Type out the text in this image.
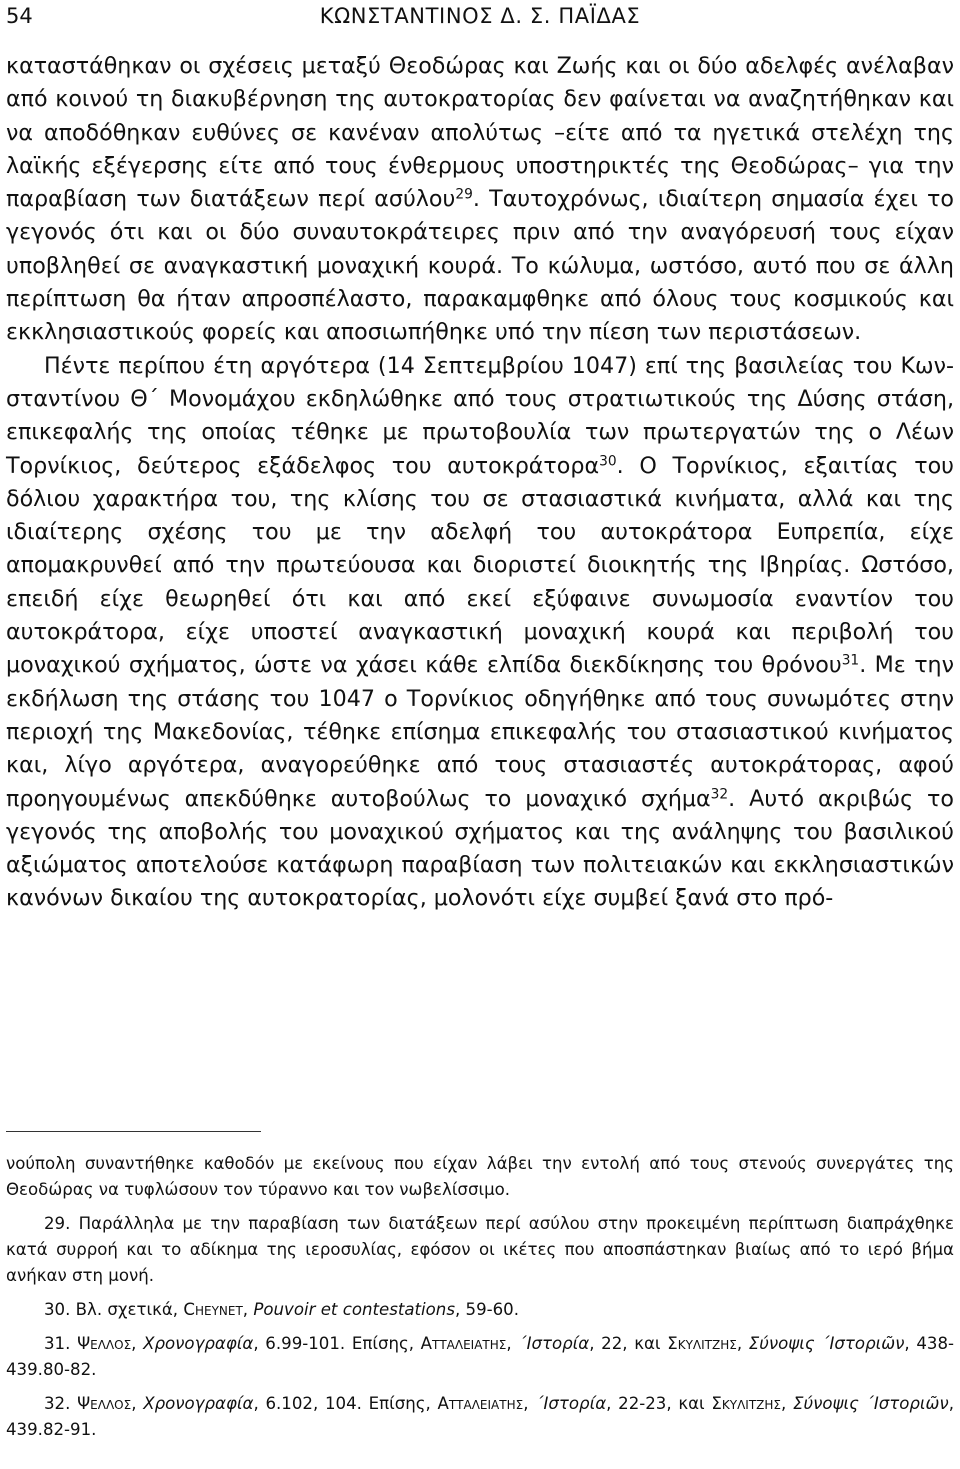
54	ΚΩΝΣΤΑΝΤΙΝΟΣ Δ. Σ. ΠΑΪΔΑΣ

καταστάθηκαν οι σχέσεις μεταξύ Θεοδώρας και Ζωής και οι δύο αδελφές ανέλαβαν από κοινού τη διακυβέρνηση της αυτοκρατορίας δεν φαίνεται να αναζητήθηκαν και να αποδόθηκαν ευθύνες σε κανέναν απολύτως –είτε από τα ηγετικά στελέχη της λαϊκής εξέγερσης είτε από τους ένθερμους υποστηρικτές της Θεοδώρας– για την παραβίαση των διατάξεων περί ασύλου$^{29}$. Ταυτοχρόνως, ιδιαίτερη σημασία έχει το γεγονός ότι και οι δύο συναυτοκράτειρες πριν από την αναγόρευσή τους είχαν υποβληθεί σε αναγκαστική μοναχική κουρά. Το κώλυμα, ωστόσο, αυτό που σε άλλη περίπτωση θα ήταν απροσπέλαστο, παρακαμφθηκε από όλους τους κοσμικούς και εκκλησιαστικούς φορείς και αποσιωπήθηκε υπό την πίεση των περιστάσεων.

Πέντε περίπου έτη αργότερα (14 Σεπτεμβρίου 1047) επί της βασιλείας του Κωνσταντίνου Θ΄ Μονομάχου εκδηλώθηκε από τους στρατιωτικούς της Δύσης στάση, επικεφαλής της οποίας τέθηκε με πρωτοβουλία των πρωτεργατών της ο Λέων Τορνίκιος, δεύτερος εξάδελφος του αυτοκράτορα$^{30}$. Ο Τορνίκιος, εξαιτίας του δόλιου χαρακτήρα του, της κλίσης του σε στασιαστικά κινήματα, αλλά και της ιδιαίτερης σχέσης του με την αδελφή του αυτοκράτορα Ευπρεπία, είχε απομακρυνθεί από την πρωτεύουσα και διοριστεί διοικητής της Ιβηρίας. Ωστόσο, επειδή είχε θεωρηθεί ότι και από εκεί εξύφαινε συνωμοσία εναντίον του αυτοκράτορα, είχε υποστεί αναγκαστική μοναχική κουρά και περιβολή του μοναχικού σχήματος, ώστε να χάσει κάθε ελπίδα διεκδίκησης του θρόνου$^{31}$. Με την εκδήλωση της στάσης του 1047 ο Τορνίκιος οδηγήθηκε από τους συνωμότες στην περιοχή της Μακεδονίας, τέθηκε επίσημα επικεφαλής του στασιαστικού κινήματος και, λίγο αργότερα, αναγορεύθηκε από τους στασιαστές αυτοκράτορας, αφού προηγουμένως απεκδύθηκε αυτοβούλως το μοναχικό σχήμα$^{32}$. Αυτό ακριβώς το γεγονός της αποβολής του μοναχικού σχήματος και της ανάληψης του βασιλικού αξιώματος αποτελούσε κατάφωρη παραβίαση των πολιτειακών και εκκλησιαστικών κανόνων δικαίου της αυτοκρατορίας, μολονότι είχε συμβεί ξανά στο πρό-

νούπολη συναντήθηκε καθοδόν με εκείνους που είχαν λάβει την εντολή από τους στενούς συνεργάτες της Θεοδώρας να τυφλώσουν τον τύραννο και τον νωβελίσσιμο.

29. Παράλληλα με την παραβίαση των διατάξεων περί ασύλου στην προκειμένη περίπτωση διαπράχθηκε κατά συρροή και το αδίκημα της ιεροσυλίας, εφόσον οι ικέτες που αποσπάστηκαν βιαίως από το ιερό βήμα ανήκαν στη μονή.

30. Βλ. σχετικά, Cheynet, Pouvoir et contestations, 59-60.

31. Ψελλος, Χρονογραφία, 6.99-101. Επίσης, Ατταλειατης, ΄Ιστορία, 22, και Σκυλιτζης, Σύνοψις ΄Ιστοριῶν, 438-439.80-82.

32. Ψελλος, Χρονογραφία, 6.102, 104. Επίσης, Ατταλειατης, ΄Ιστορία, 22-23, και Σκυλιτζης, Σύνοψις ΄Ιστοριῶν, 439.82-91.
